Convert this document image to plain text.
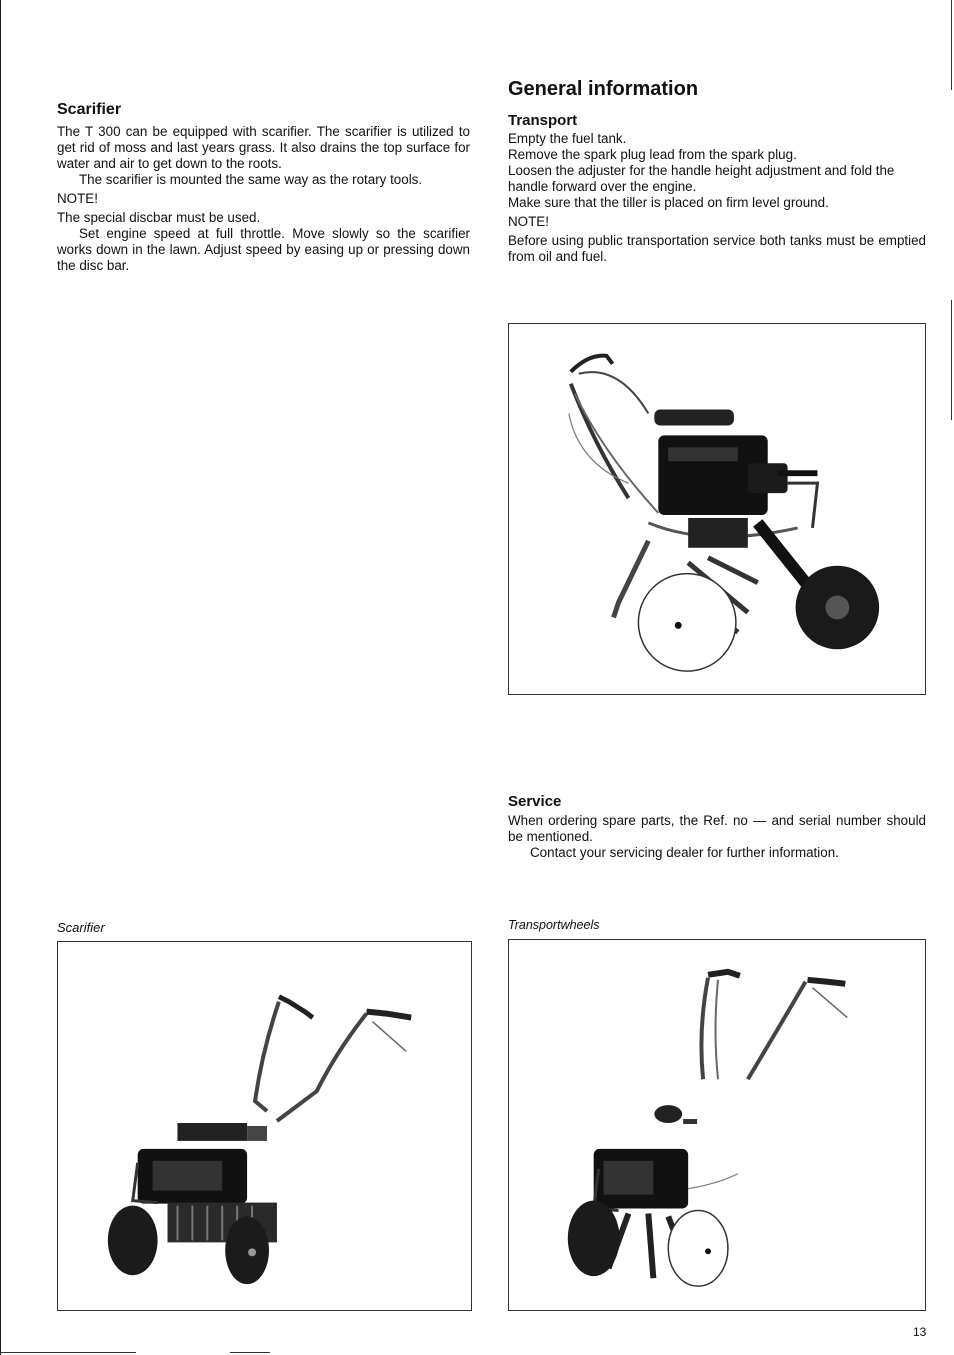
Scarifier

The T 300 can be equipped with scarifier. The scarifier is utilized to get rid of moss and last years grass. It also drains the top surface for water and air to get down to the roots.

The scarifier is mounted the same way as the rotary tools.

NOTE!

The special discbar must be used.

Set engine speed at full throttle. Move slowly so the scarifier works down in the lawn. Adjust speed by easing up or pressing down the disc bar.

General information
Transport

Empty the fuel tank.

Remove the spark plug lead from the spark plug.

Loosen the adjuster for the handle height adjustment and fold the handle forward over the engine.

Make sure that the tiller is placed on firm level ground.

NOTE!

Before using public transportation service both tanks must be emptied from oil and fuel.

Service

When ordering spare parts, the Ref. no — and serial number should be mentioned.

Contact your servicing dealer for further information.

Scarifier	Transportwheels

13
